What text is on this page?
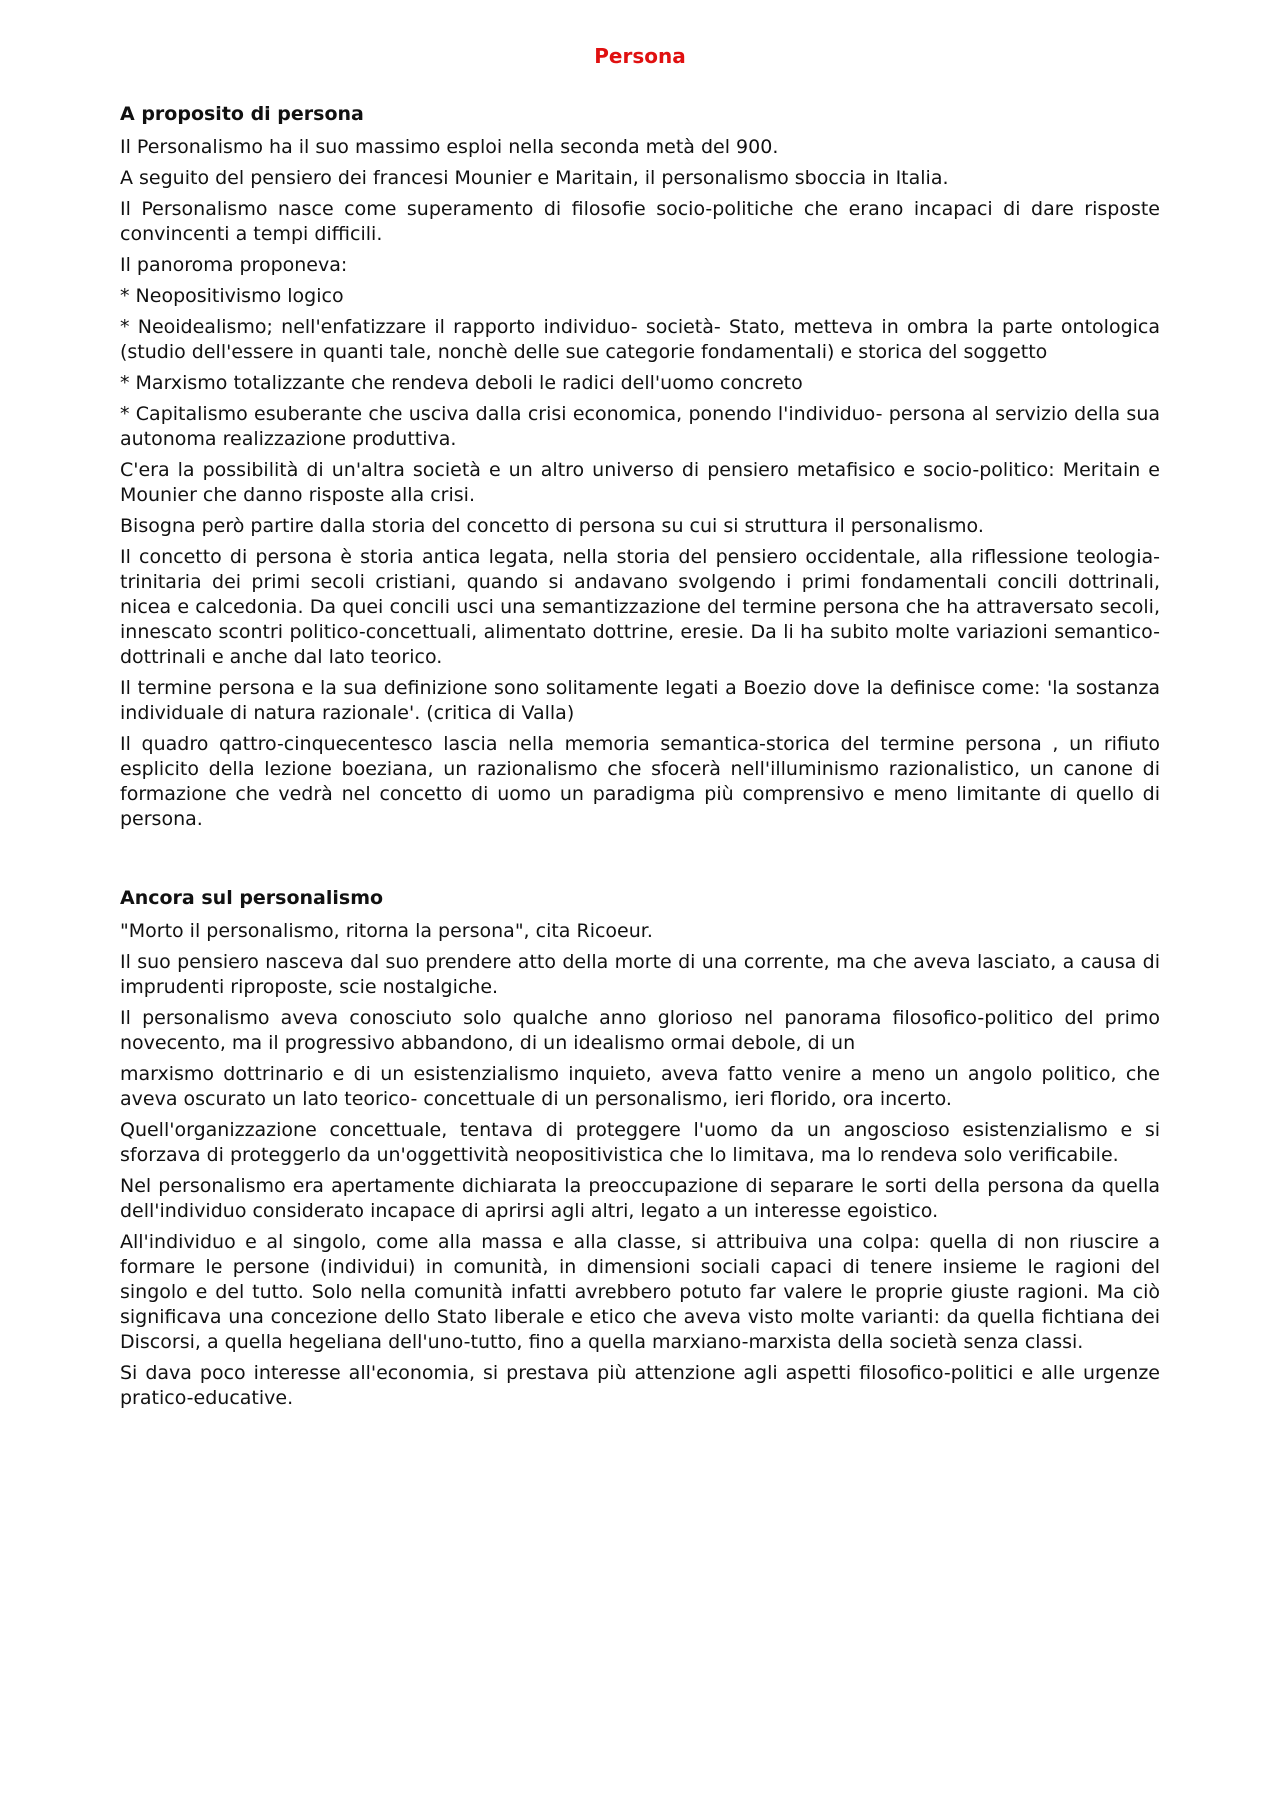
Persona
A proposito di persona

Il Personalismo ha il suo massimo esploi nella seconda metà del 900.

A seguito del pensiero dei francesi Mounier e Maritain, il personalismo sboccia in Italia.

Il Personalismo nasce come superamento di filosofie socio-politiche che erano incapaci di dare risposte convincenti a tempi difficili.

Il panoroma proponeva:

* Neopositivismo logico

* Neoidealismo; nell'enfatizzare il rapporto individuo- società- Stato, metteva in ombra la parte ontologica (studio dell'essere in quanti tale, nonchè delle sue categorie fondamentali) e storica del soggetto

* Marxismo totalizzante che rendeva deboli le radici dell'uomo concreto

* Capitalismo esuberante che usciva dalla crisi economica, ponendo l'individuo- persona al servizio della sua autonoma realizzazione produttiva.

C'era la possibilità di un'altra società e un altro universo di pensiero metafisico e socio-politico: Meritain e Mounier che danno risposte alla crisi.

Bisogna però partire dalla storia del concetto di persona su cui si struttura il personalismo.

Il concetto di persona è storia antica legata, nella storia del pensiero occidentale, alla riflessione teologia-trinitaria dei primi secoli cristiani, quando si andavano svolgendo i primi fondamentali concili dottrinali, nicea e calcedonia. Da quei concili usci una semantizzazione del termine persona che ha attraversato secoli, innescato scontri politico-concettuali, alimentato dottrine, eresie. Da li ha subito molte variazioni semantico-dottrinali e anche dal lato teorico.

Il termine persona e la sua definizione sono solitamente legati a Boezio dove la definisce come: 'la sostanza individuale di natura razionale'. (critica di Valla)

Il quadro qattro-cinquecentesco lascia nella memoria semantica-storica del termine persona , un rifiuto esplicito della lezione boeziana, un razionalismo che sfocerà nell'illuminismo razionalistico, un canone di formazione che vedrà nel concetto di uomo un paradigma più comprensivo e meno limitante di quello di persona.

Ancora sul personalismo

"Morto il personalismo, ritorna la persona", cita Ricoeur.

Il suo pensiero nasceva dal suo prendere atto della morte di una corrente, ma che aveva lasciato, a causa di imprudenti riproposte, scie nostalgiche.

Il personalismo aveva conosciuto solo qualche anno glorioso nel panorama filosofico-politico del primo novecento, ma il progressivo abbandono, di un idealismo ormai debole, di un

marxismo dottrinario e di un esistenzialismo inquieto, aveva fatto venire a meno un angolo politico, che aveva oscurato un lato teorico- concettuale di un personalismo, ieri florido, ora incerto.

Quell'organizzazione concettuale, tentava di proteggere l'uomo da un angoscioso esistenzialismo e si sforzava di proteggerlo da un'oggettività neopositivistica che lo limitava, ma lo rendeva solo verificabile.

Nel personalismo era apertamente dichiarata la preoccupazione di separare le sorti della persona da quella dell'individuo considerato incapace di aprirsi agli altri, legato a un interesse egoistico.

All'individuo e al singolo, come alla massa e alla classe, si attribuiva una colpa: quella di non riuscire a formare le persone (individui) in comunità, in dimensioni sociali capaci di tenere insieme le ragioni del singolo e del tutto. Solo nella comunità infatti avrebbero potuto far valere le proprie giuste ragioni. Ma ciò significava una concezione dello Stato liberale e etico che aveva visto molte varianti: da quella fichtiana dei Discorsi, a quella hegeliana dell'uno-tutto, fino a quella marxiano-marxista della società senza classi.

Si dava poco interesse all'economia, si prestava più attenzione agli aspetti filosofico-politici e alle urgenze pratico-educative.
